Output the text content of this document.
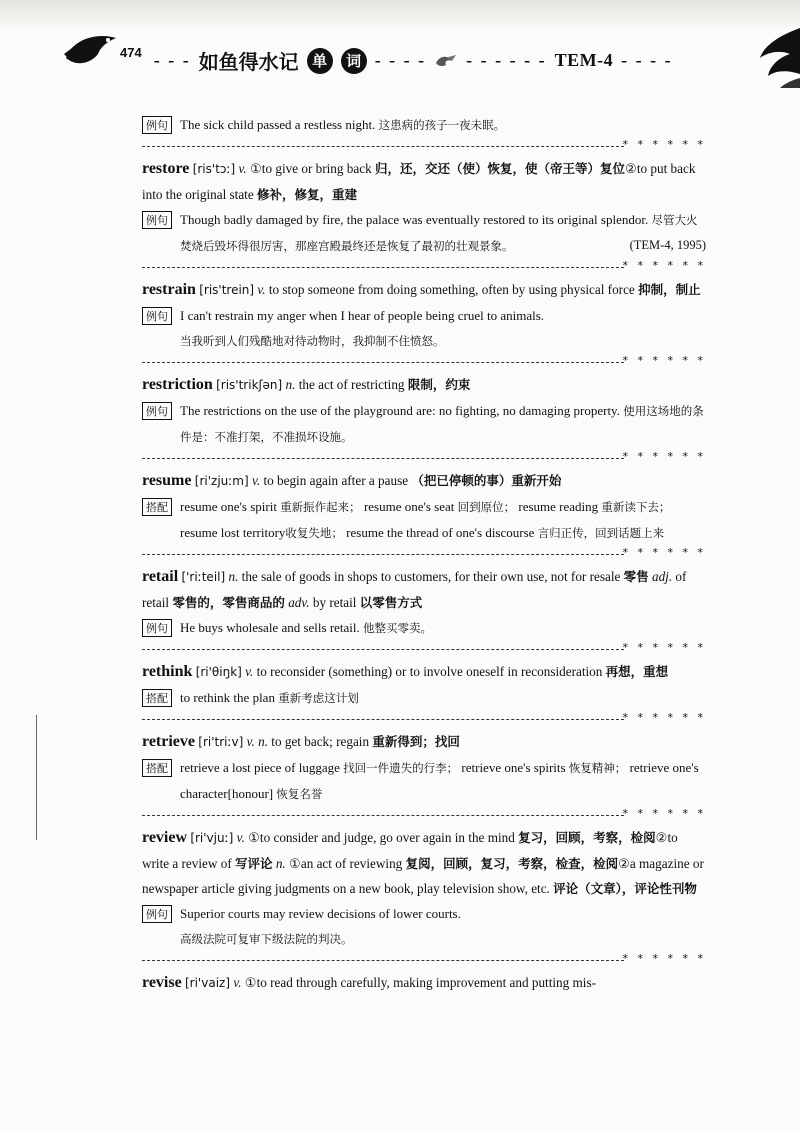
474 - - - 如鱼得水记 单	词 - - - - - - - - - - TEM-4 - - - -
例句 The sick child passed a restless night. 这患病的孩子一夜未眠。
* * * * * *
restore [ris'tɔː] v. ①to give or bring back 归，还，交还（使）恢复，使（帝王等）复位②to put back into the original state 修补，修复，重建
例句 Though badly damaged by fire, the palace was eventually restored to its original splendor. 尽管大火焚烧后毁坏得很厉害，那座宫殿最终还是恢复了最初的壮观景象。	(TEM-4, 1995)
* * * * * *
restrain [ris'trein] v. to stop someone from doing something, often by using physical force 抑制，制止
例句 I can't restrain my anger when I hear of people being cruel to animals.
当我听到人们残酷地对待动物时，我抑制不住愤怒。
* * * * * *
restriction [ris'trikʃən] n. the act of restricting 限制，约束
例句 The restrictions on the use of the playground are: no fighting, no damaging property. 使用这场地的条件是：不准打架，不准损坏设施。
* * * * * *
resume [ri'zjuːm] v. to begin again after a pause （把已停顿的事）重新开始
搭配 resume one's spirit 重新振作起来； resume one's seat 回到原位； resume reading 重新读下去； resume lost territory收复失地； resume the thread of one's discourse 言归正传，回到话题上来
* * * * * *
retail ['riːteil] n. the sale of goods in shops to customers, for their own use, not for resale 零售 adj. of retail 零售的，零售商品的 adv. by retail 以零售方式
例句 He buys wholesale and sells retail. 他整买零卖。
* * * * * *
rethink [ri'θiŋk] v. to reconsider (something) or to involve oneself in reconsideration 再想，重想
搭配 to rethink the plan 重新考虑这计划
* * * * * *
retrieve [ri'triːv] v. n. to get back; regain 重新得到；找回
搭配 retrieve a lost piece of luggage 找回一件遗失的行李； retrieve one's spirits 恢复精神； retrieve one's character[honour] 恢复名誉
* * * * * *
review [ri'vjuː] v. ①to consider and judge, go over again in the mind 复习，回顾，考察，检阅②to write a review of 写评论 n. ①an act of reviewing 复阅，回顾，复习，考察，检查，检阅②a magazine or newspaper article giving judgments on a new book, play television show, etc. 评论（文章），评论性刊物
例句 Superior courts may review decisions of lower courts.
高级法院可复审下级法院的判决。
* * * * * *
revise [ri'vaiz] v. ①to read through carefully, making improvement and putting mis-
